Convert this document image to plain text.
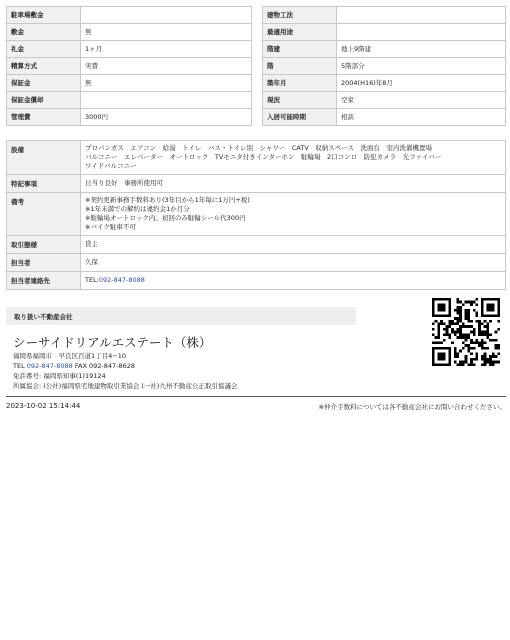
駐車場敷金	
敷金	無
礼金	1ヶ月
精算方式	実費
保証金	無
保証金償却	
管理費	3000円
建物工法	
最適用途	
階建	地上9階建
階	5階部分
築年月	2004(H16)年8月
現況	空家
入居可能時期	相談
設備	プロパンガス　エアコン　給湯　トイレ　バス・トイレ別　シャワー　CATV　収納スペース　洗面台　室内洗濯機置場
バルコニー　エレベーター　オートロック　TVモニタ付きインターホン　駐輪場　2口コンロ　防犯カメラ　光ファイバー
ワイドバルコニー

特記事項	日当り良好　事務所使用可
備考	※契約更新事務手数料あり(3年目から1年毎に1万円+税)
※1年未満での解約は違約金1か月分
※駐輪場オートロック内。初回のみ駐輪シール代300円
※バイク駐車不可

取引態様	貸主
担当者	久保
担当者連絡先	TEL:092-847-8088
取り扱い不動産会社
シーサイドリアルエステート（株）
福岡県福岡市　早良区百道1丁目4−10
TEL 092-847-8088 FAX 092-847-8628
免許番号: 福岡県知事(1)19124
所属協会: (公社)福岡県宅地建物取引業協会 (一社)九州不動産公正取引協議会
2023-10-02 15:14:44	※仲介手数料については各不動産会社にお問い合わせください。
